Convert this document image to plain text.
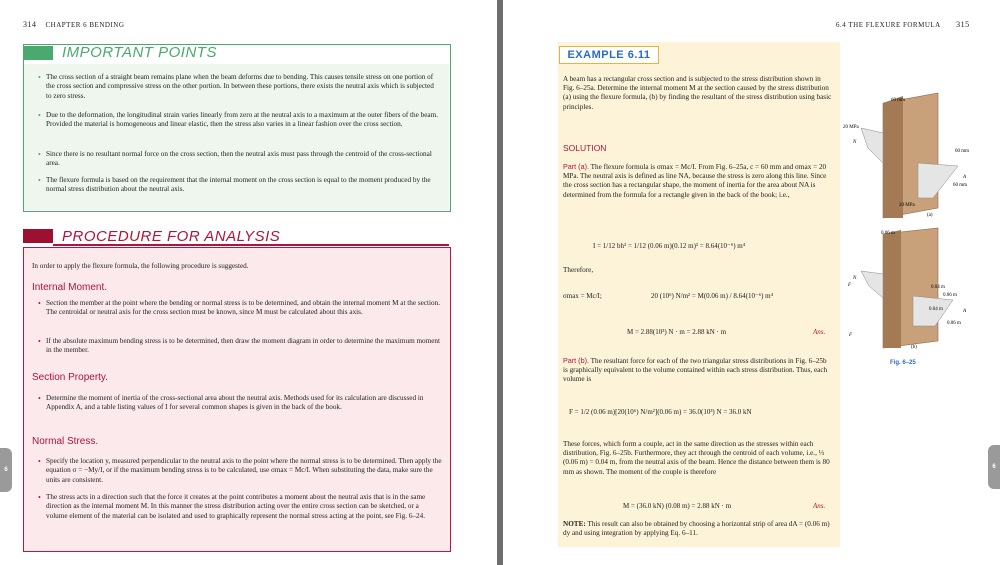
314 CHAPTER 6 BENDING
IMPORTANT POINTS
• The cross section of a straight beam remains plane when the beam deforms due to bending. This causes tensile stress on one portion of the cross section and compressive stress on the other portion. In between these portions, there exists the neutral axis which is subjected to zero stress.
• Due to the deformation, the longitudinal strain varies linearly from zero at the neutral axis to a maximum at the outer fibers of the beam. Provided the material is homogeneous and linear elastic, then the stress also varies in a linear fashion over the cross section.
• Since there is no resultant normal force on the cross section, then the neutral axis must pass through the centroid of the cross-sectional area.
• The flexure formula is based on the requirement that the internal moment on the cross section is equal to the moment produced by the normal stress distribution about the neutral axis.
PROCEDURE FOR ANALYSIS
In order to apply the flexure formula, the following procedure is suggested.
Internal Moment.
• Section the member at the point where the bending or normal stress is to be determined, and obtain the internal moment M at the section. The centroidal or neutral axis for the cross section must be known, since M must be calculated about this axis.
• If the absolute maximum bending stress is to be determined, then draw the moment diagram in order to determine the maximum moment in the member.
Section Property.
• Determine the moment of inertia of the cross-sectional area about the neutral axis. Methods used for its calculation are discussed in Appendix A, and a table listing values of I for several common shapes is given in the back of the book.
Normal Stress.
• Specify the location y, measured perpendicular to the neutral axis to the point where the normal stress is to be determined. Then apply the equation σ = −My/I, or if the maximum bending stress is to be calculated, use σmax = Mc/I. When substituting the data, make sure the units are consistent.
• The stress acts in a direction such that the force it creates at the point contributes a moment about the neutral axis that is in the same direction as the internal moment M. In this manner the stress distribution acting over the entire cross section can be sketched, or a volume element of the material can be isolated and used to graphically represent the normal stress acting at the point, see Fig. 6–24.
6
6.4 THE FLEXURE FORMULA 315
EXAMPLE 6.11
A beam has a rectangular cross section and is subjected to the stress distribution shown in Fig. 6–25a. Determine the internal moment M at the section caused by the stress distribution (a) using the flexure formula, (b) by finding the resultant of the stress distribution using basic principles.
SOLUTION
Part (a). The flexure formula is σmax = Mc/I. From Fig. 6–25a, c = 60 mm and σmax = 20 MPa. The neutral axis is defined as line NA, because the stress is zero along this line. Since the cross section has a rectangular shape, the moment of inertia for the area about NA is determined from the formula for a rectangle given in the back of the book; i.e.,
I = 1/12 bh³ = 1/12 (0.06 m)(0.12 m)³ = 8.64(10⁻⁶) m⁴
Therefore,
σmax = Mc/I;	20 (10⁶) N/m² = M(0.06 m) / 8.64(10⁻⁶) m⁴
M = 2.88(10³) N · m = 2.88 kN · m	Ans.
Part (b). The resultant force for each of the two triangular stress distributions in Fig. 6–25b is graphically equivalent to the volume contained within each stress distribution. Thus, each volume is
F = 1/2 (0.06 m)[20(10⁶) N/m²](0.06 m) = 36.0(10³) N = 36.0 kN
These forces, which form a couple, act in the same direction as the stresses within each distribution, Fig. 6–25b. Furthermore, they act through the centroid of each volume, i.e., ⅓ (0.06 m) = 0.04 m, from the neutral axis of the beam. Hence the distance between them is 80 mm as shown. The moment of the couple is therefore
M = (36.0 kN) (0.08 m) = 2.88 kN · m	Ans.
NOTE: This result can also be obtained by choosing a horizontal strip of area dA = (0.06 m) dy and using integration by applying Eq. 6–11.
60 mm
20 MPa
N
60 mm
A
60 mm
20 MPa
(a)
0.06 m
N
F	0.04 m
0.06 m
0.04 m	A
0.06 m
F
(b)
Fig. 6–25
6
